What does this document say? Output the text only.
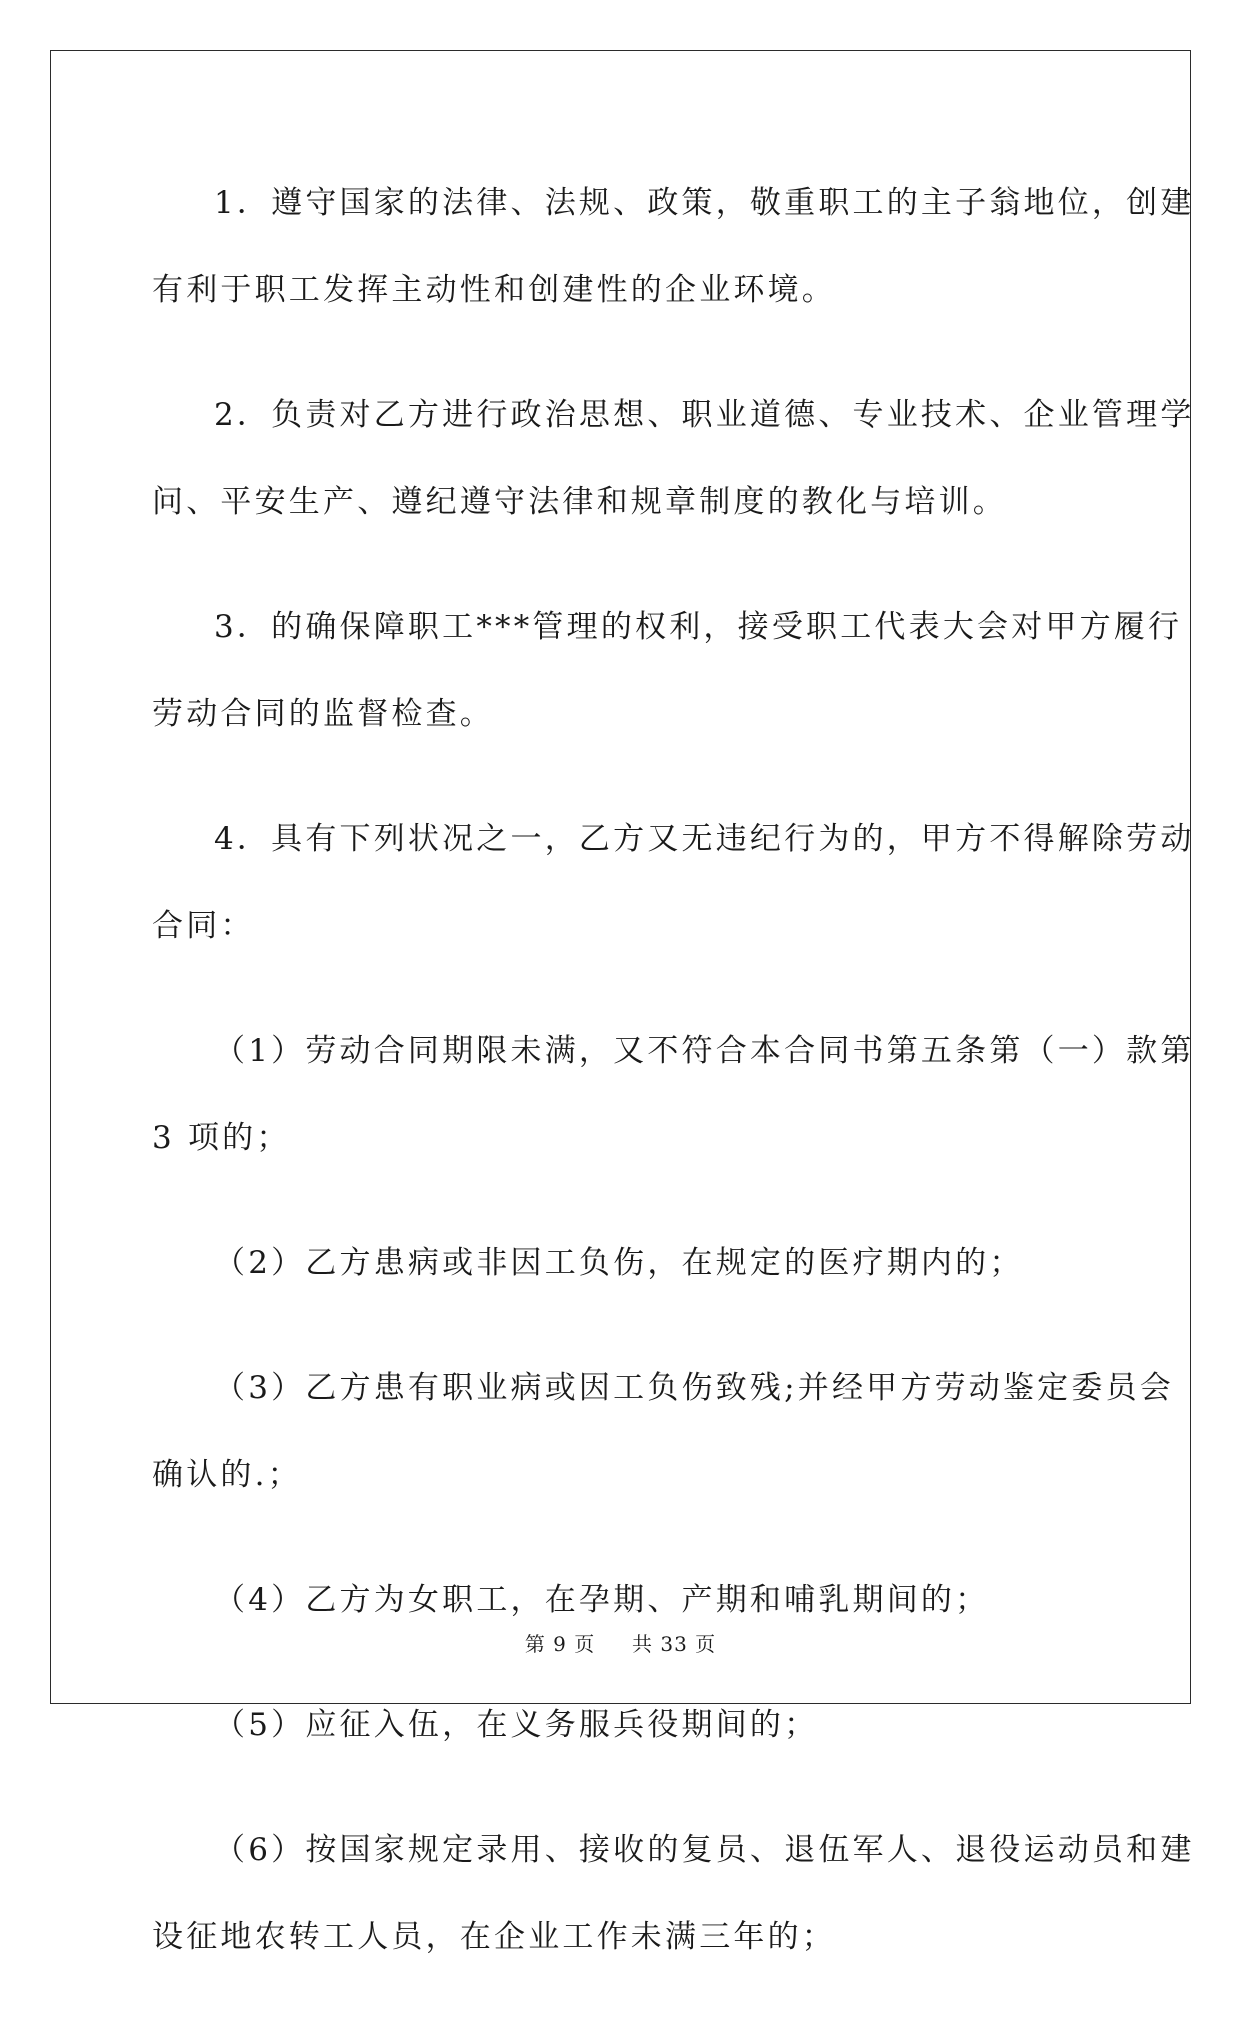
1．遵守国家的法律、法规、政策，敬重职工的主子翁地位，创建

有利于职工发挥主动性和创建性的企业环境。

2．负责对乙方进行政治思想、职业道德、专业技术、企业管理学

问、平安生产、遵纪遵守法律和规章制度的教化与培训。

3．的确保障职工***管理的权利，接受职工代表大会对甲方履行

劳动合同的监督检查。

4．具有下列状况之一，乙方又无违纪行为的，甲方不得解除劳动

合同：

（1）劳动合同期限未满，又不符合本合同书第五条第（一）款第

3 项的；

（2）乙方患病或非因工负伤，在规定的医疗期内的；

（3）乙方患有职业病或因工负伤致残;并经甲方劳动鉴定委员会

确认的.；

（4）乙方为女职工，在孕期、产期和哺乳期间的；

（5）应征入伍，在义务服兵役期间的；

（6）按国家规定录用、接收的复员、退伍军人、退役运动员和建

设征地农转工人员，在企业工作未满三年的；

第 9 页 共 33 页
